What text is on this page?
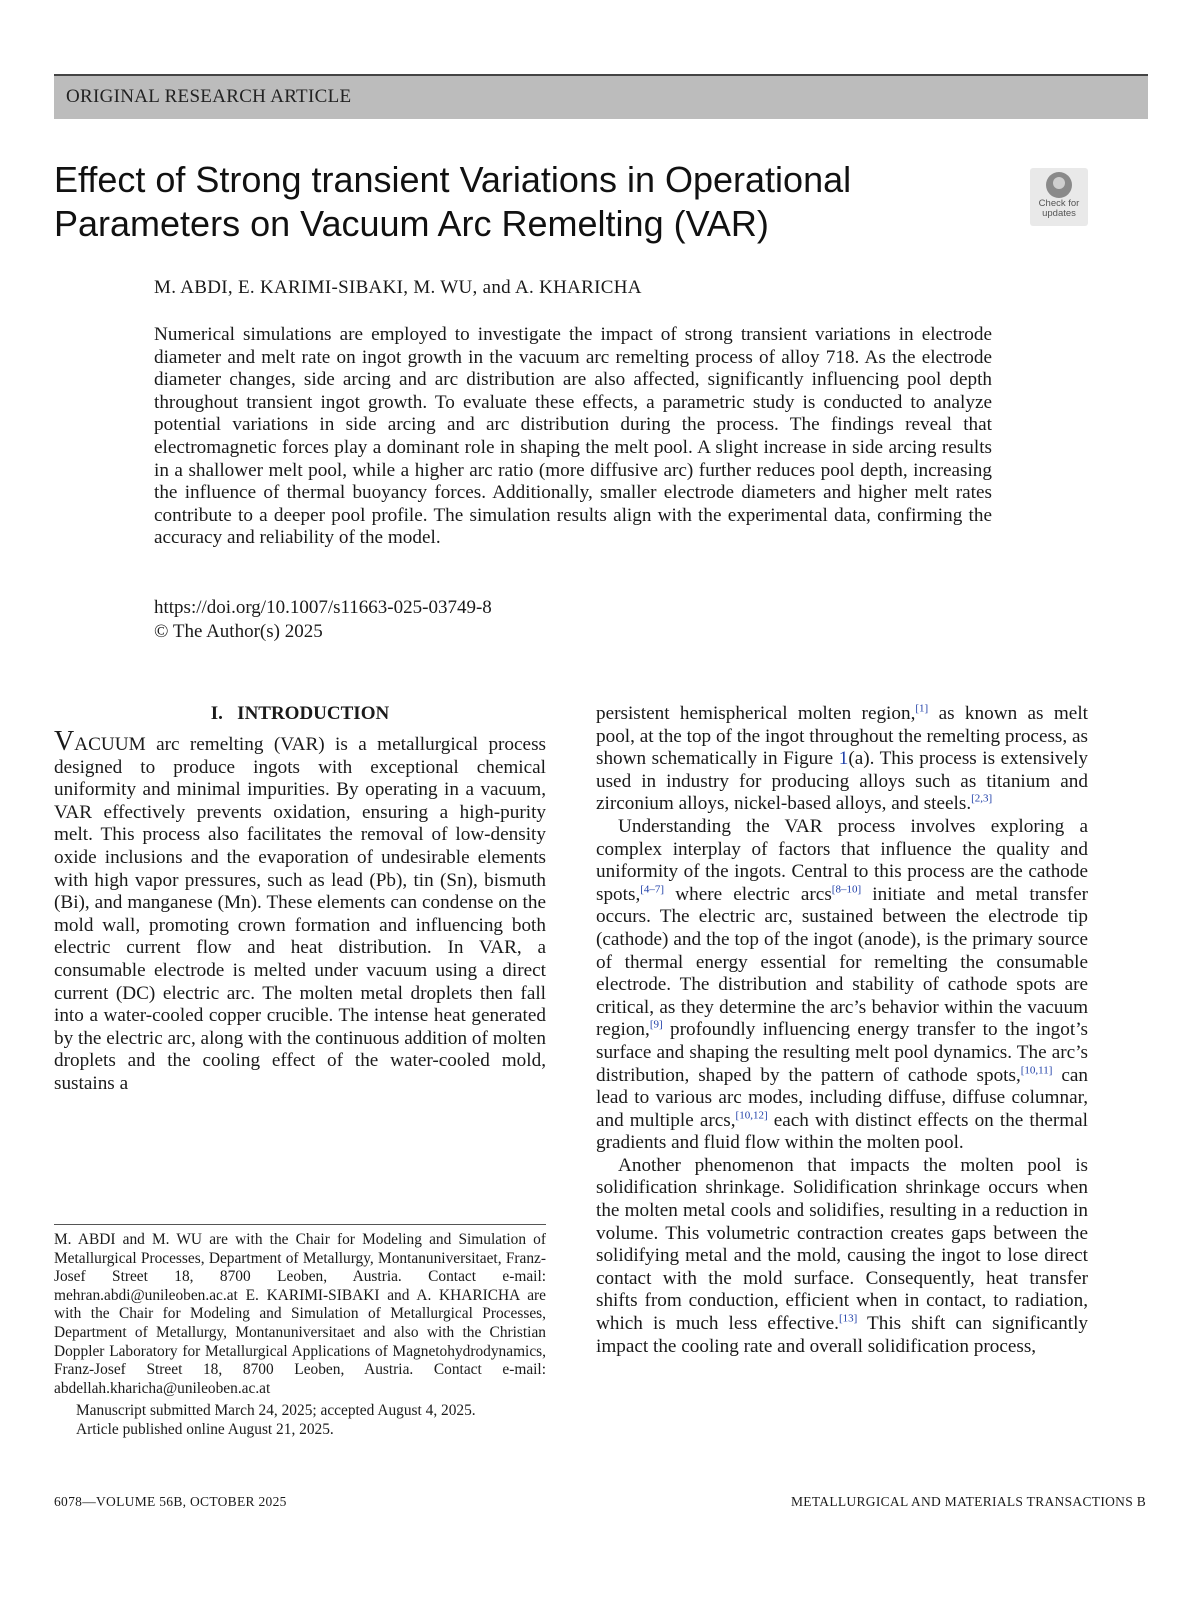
ORIGINAL RESEARCH ARTICLE
Effect of Strong transient Variations in Operational Parameters on Vacuum Arc Remelting (VAR)	Check for
updates
M. ABDI, E. KARIMI-SIBAKI, M. WU, and A. KHARICHA

Numerical simulations are employed to investigate the impact of strong transient variations in electrode diameter and melt rate on ingot growth in the vacuum arc remelting process of alloy 718. As the electrode diameter changes, side arcing and arc distribution are also affected, significantly influencing pool depth throughout transient ingot growth. To evaluate these effects, a parametric study is conducted to analyze potential variations in side arcing and arc distribution during the process. The findings reveal that electromagnetic forces play a dominant role in shaping the melt pool. A slight increase in side arcing results in a shallower melt pool, while a higher arc ratio (more diffusive arc) further reduces pool depth, increasing the influence of thermal buoyancy forces. Additionally, smaller electrode diameters and higher melt rates contribute to a deeper pool profile. The simulation results align with the experimental data, confirming the accuracy and reliability of the model.

https://doi.org/10.1007/s11663-025-03749-8
© The Author(s) 2025

I.   INTRODUCTION

VACUUM arc remelting (VAR) is a metallurgical process designed to produce ingots with exceptional chemical uniformity and minimal impurities. By operating in a vacuum, VAR effectively prevents oxidation, ensuring a high-purity melt. This process also facilitates the removal of low-density oxide inclusions and the evaporation of undesirable elements with high vapor pressures, such as lead (Pb), tin (Sn), bismuth (Bi), and manganese (Mn). These elements can condense on the mold wall, promoting crown formation and influencing both electric current flow and heat distribution. In VAR, a consumable electrode is melted under vacuum using a direct current (DC) electric arc. The molten metal droplets then fall into a water-cooled copper crucible. The intense heat generated by the electric arc, along with the continuous addition of molten droplets and the cooling effect of the water-cooled mold, sustains a

persistent hemispherical molten region,[1] as known as melt pool, at the top of the ingot throughout the remelting process, as shown schematically in Figure 1(a). This process is extensively used in industry for producing alloys such as titanium and zirconium alloys, nickel-based alloys, and steels.[2,3]

Understanding the VAR process involves exploring a complex interplay of factors that influence the quality and uniformity of the ingots. Central to this process are the cathode spots,[4–7] where electric arcs[8–10] initiate and metal transfer occurs. The electric arc, sustained between the electrode tip (cathode) and the top of the ingot (anode), is the primary source of thermal energy essential for remelting the consumable electrode. The distribution and stability of cathode spots are critical, as they determine the arc’s behavior within the vacuum region,[9] profoundly influencing energy transfer to the ingot’s surface and shaping the resulting melt pool dynamics. The arc’s distribution, shaped by the pattern of cathode spots,[10,11] can lead to various arc modes, including diffuse, diffuse columnar, and multiple arcs,[10,12] each with distinct effects on the thermal gradients and fluid flow within the molten pool.

Another phenomenon that impacts the molten pool is solidification shrinkage. Solidification shrinkage occurs when the molten metal cools and solidifies, resulting in a reduction in volume. This volumetric contraction creates gaps between the solidifying metal and the mold, causing the ingot to lose direct contact with the mold surface. Consequently, heat transfer shifts from conduction, efficient when in contact, to radiation, which is much less effective.[13] This shift can significantly impact the cooling rate and overall solidification process,

M. ABDI and M. WU are with the Chair for Modeling and Simulation of Metallurgical Processes, Department of Metallurgy, Montanuniversitaet, Franz-Josef Street 18, 8700 Leoben, Austria. Contact e-mail: mehran.abdi@unileoben.ac.at E. KARIMI-SIBAKI and A. KHARICHA are with the Chair for Modeling and Simulation of Metallurgical Processes, Department of Metallurgy, Montanuniversitaet and also with the Christian Doppler Laboratory for Metallurgical Applications of Magnetohydrodynamics, Franz-Josef Street 18, 8700 Leoben, Austria. Contact e-mail: abdellah.kharicha@unileoben.ac.at

Manuscript submitted March 24, 2025; accepted August 4, 2025.

Article published online August 21, 2025.

6078—VOLUME 56B, OCTOBER 2025	METALLURGICAL AND MATERIALS TRANSACTIONS B
